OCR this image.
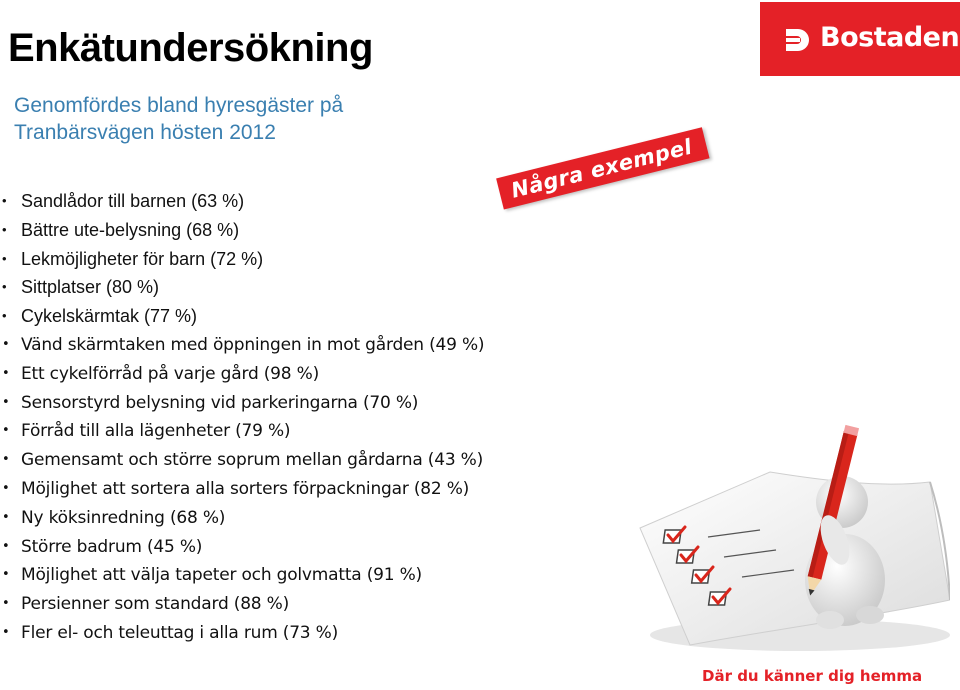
Enkätundersökning
Genomfördes bland hyresgäster på
Tranbärsvägen hösten 2012
Bostaden
Några exempel
• Sandlådor till barnen (63 %)
• Bättre ute-belysning (68 %)
• Lekmöjligheter för barn (72 %)
• Sittplatser (80 %)
• Cykelskärmtak (77 %)
• Vänd skärmtaken med öppningen in mot gården (49 %)
• Ett cykelförråd på varje gård (98 %)
• Sensorstyrd belysning vid parkeringarna (70 %)
• Förråd till alla lägenheter (79 %)
• Gemensamt och större soprum mellan gårdarna (43 %)
• Möjlighet att sortera alla sorters förpackningar (82 %)
• Ny köksinredning (68 %)
• Större badrum (45 %)
• Möjlighet att välja tapeter och golvmatta (91 %)
• Persienner som standard (88 %)
• Fler el- och teleuttag i alla rum (73 %)
Där du känner dig hemma
